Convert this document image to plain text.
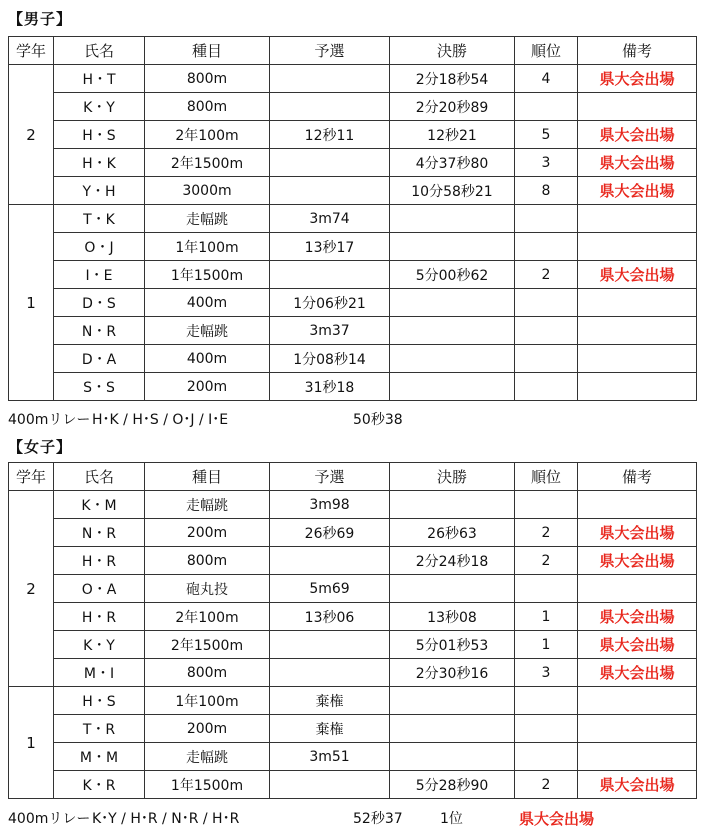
【男子】
学年	氏名	種目	予選	決勝	順位	備考
2	H・T	800m		2分18秒54	4	県大会出場
	K・Y	800m		2分20秒89		
	H・S	2年100m	12秒11	12秒21	5	県大会出場
	H・K	2年1500m		4分37秒80	3	県大会出場
	Y・H	3000m		10分58秒21	8	県大会出場
1	T・K	走幅跳	3m74			
	O・J	1年100m	13秒17			
	I・E	1年1500m		5分00秒62	2	県大会出場
	D・S	400m	1分06秒21			
	N・R	走幅跳	3m37			
	D・A	400m	1分08秒14			
	S・S	200m	31秒18			
400mリレー H･K / H･S / O･J / I･E	50秒38
【女子】
学年	氏名	種目	予選	決勝	順位	備考
2	K・M	走幅跳	3m98			
	N・R	200m	26秒69	26秒63	2	県大会出場
	H・R	800m		2分24秒18	2	県大会出場
	O・A	砲丸投	5m69			
	H・R	2年100m	13秒06	13秒08	1	県大会出場
	K・Y	2年1500m		5分01秒53	1	県大会出場
	M・I	800m		2分30秒16	3	県大会出場
1	H・S	1年100m	棄権			
	T・R	200m	棄権			
	M・M	走幅跳	3m51			
	K・R	1年1500m		5分28秒90	2	県大会出場
400mリレー K･Y / H･R / N･R / H･R	52秒37	1位	県大会出場
